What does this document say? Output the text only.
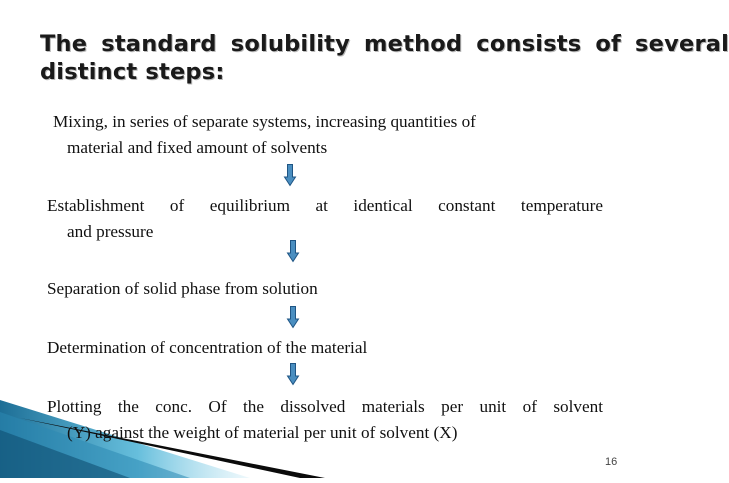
The standard solubility method consists of several
distinct steps:
Mixing, in series of separate systems, increasing quantities of
material and fixed amount of solvents
Establishment of equilibrium at identical constant temperature
and pressure
Separation of solid phase from solution
Determination of concentration of the material
Plotting the conc. Of the dissolved materials per unit of solvent
(Y) against the weight of material per unit of solvent (X)
16
